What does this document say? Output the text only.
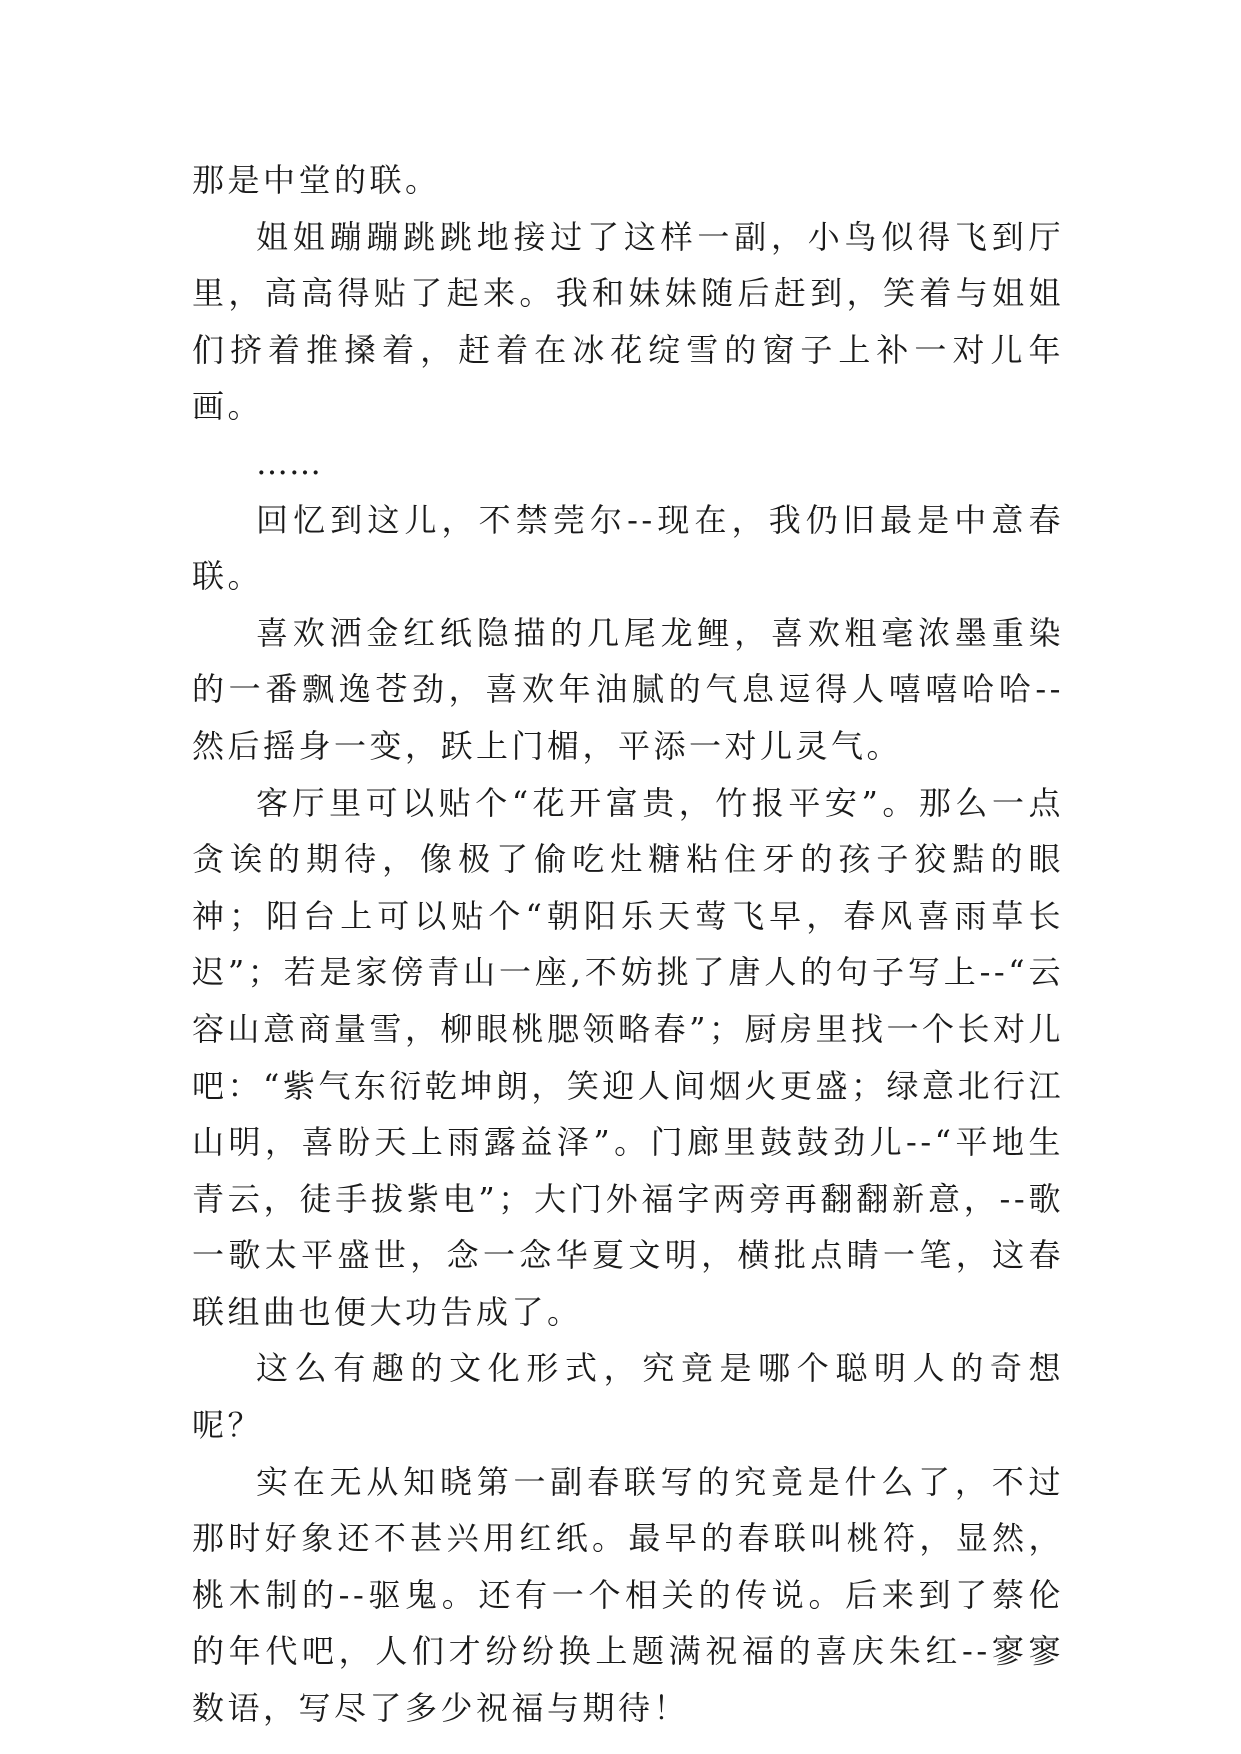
那是中堂的联。

姐姐蹦蹦跳跳地接过了这样一副，小鸟似得飞到厅里，高高得贴了起来。我和妹妹随后赶到，笑着与姐姐们挤着推搡着，赶着在冰花绽雪的窗子上补一对儿年画。

……

回忆到这儿，不禁莞尔--现在，我仍旧最是中意春联。

喜欢洒金红纸隐描的几尾龙鲤，喜欢粗毫浓墨重染的一番飘逸苍劲，喜欢年油腻的气息逗得人嘻嘻哈哈--然后摇身一变，跃上门楣，平添一对儿灵气。

客厅里可以贴个“花开富贵，竹报平安”。那么一点贪诶的期待，像极了偷吃灶糖粘住牙的孩子狡黠的眼神；阳台上可以贴个“朝阳乐天莺飞早，春风喜雨草长迟”；若是家傍青山一座,不妨挑了唐人的句子写上--“云容山意商量雪，柳眼桃腮领略春”；厨房里找一个长对儿吧：“紫气东衍乾坤朗，笑迎人间烟火更盛；绿意北行江山明，喜盼天上雨露益泽”。门廊里鼓鼓劲儿--“平地生青云，徒手拔紫电”；大门外福字两旁再翻翻新意，--歌一歌太平盛世，念一念华夏文明，横批点睛一笔，这春联组曲也便大功告成了。

这么有趣的文化形式，究竟是哪个聪明人的奇想呢？

实在无从知晓第一副春联写的究竟是什么了，不过那时好象还不甚兴用红纸。最早的春联叫桃符，显然，桃木制的--驱鬼。还有一个相关的传说。后来到了蔡伦的年代吧，人们才纷纷换上题满祝福的喜庆朱红--寥寥数语，写尽了多少祝福与期待！
